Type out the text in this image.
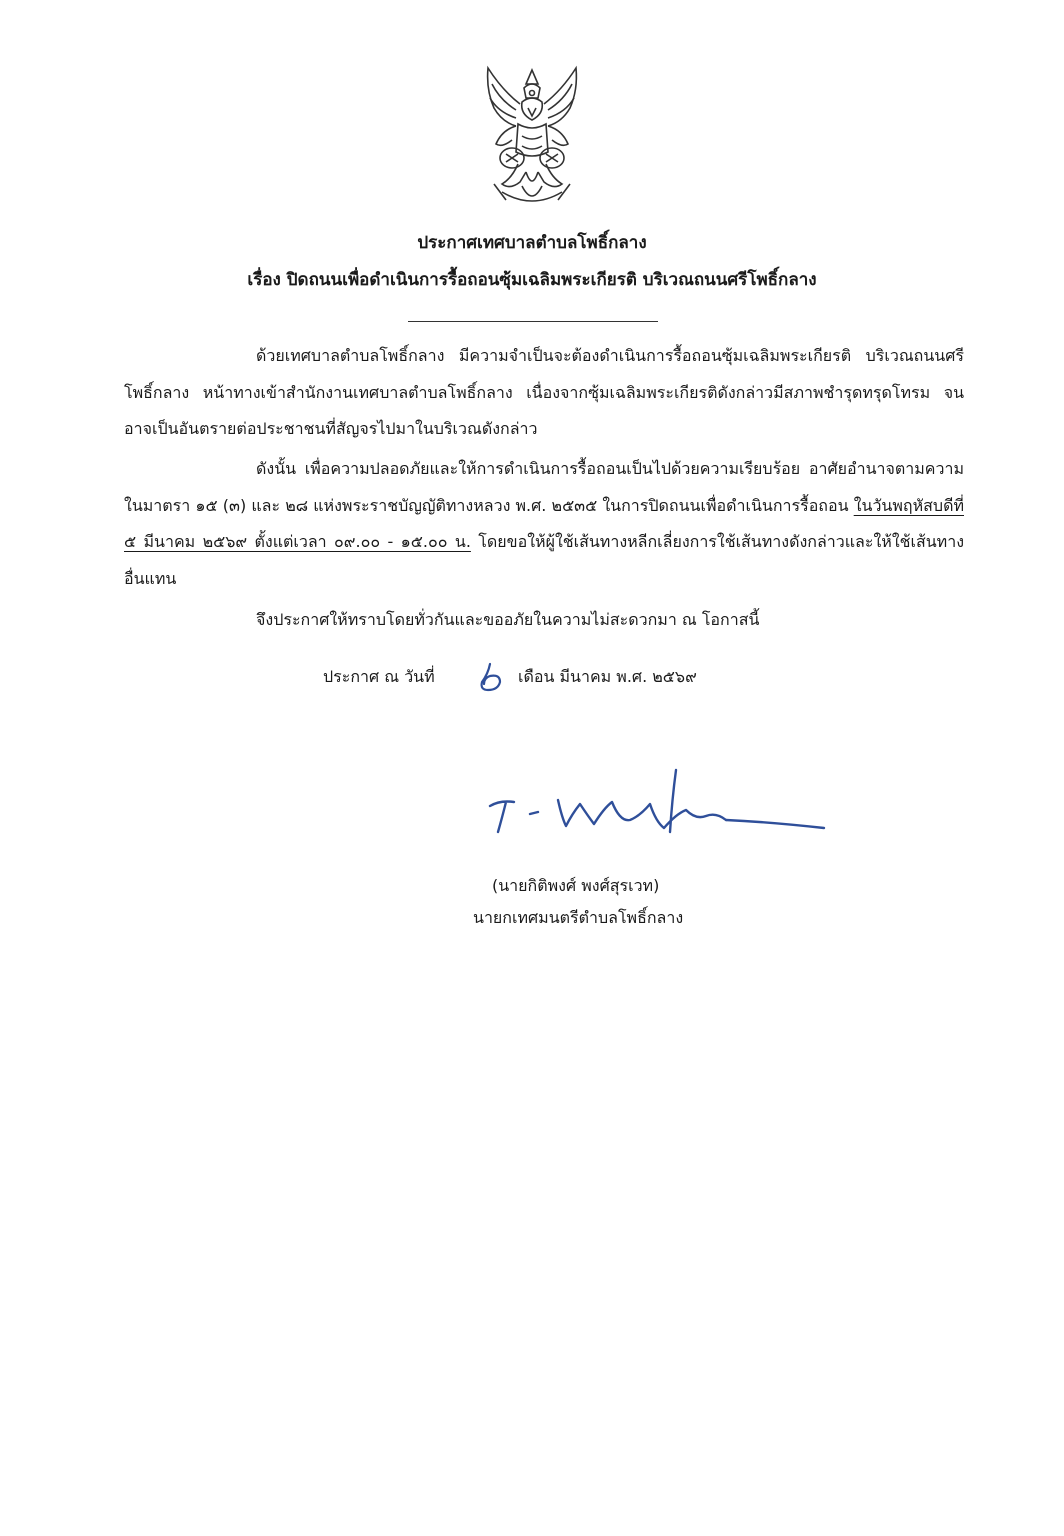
ประกาศเทศบาลตำบลโพธิ์กลาง
เรื่อง ปิดถนนเพื่อดำเนินการรื้อถอนซุ้มเฉลิมพระเกียรติ บริเวณถนนศรีโพธิ์กลาง
ด้วยเทศบาลตำบลโพธิ์กลาง มีความจำเป็นจะต้องดำเนินการรื้อถอนซุ้มเฉลิมพระเกียรติ บริเวณถนนศรีโพธิ์กลาง หน้าทางเข้าสำนักงานเทศบาลตำบลโพธิ์กลาง เนื่องจากซุ้มเฉลิมพระเกียรติดังกล่าวมีสภาพชำรุดทรุดโทรม จนอาจเป็นอันตรายต่อประชาชนที่สัญจรไปมาในบริเวณดังกล่าว
ดังนั้น เพื่อความปลอดภัยและให้การดำเนินการรื้อถอนเป็นไปด้วยความเรียบร้อย อาศัยอำนาจตามความในมาตรา ๑๕ (๓) และ ๒๘ แห่งพระราชบัญญัติทางหลวง พ.ศ. ๒๕๓๕ ในการปิดถนนเพื่อดำเนินการรื้อถอน ในวันพฤหัสบดีที่ ๕ มีนาคม ๒๕๖๙ ตั้งแต่เวลา ๐๙.๐๐ - ๑๕.๐๐ น. โดยขอให้ผู้ใช้เส้นทางหลีกเลี่ยงการใช้เส้นทางดังกล่าวและให้ใช้เส้นทางอื่นแทน
จึงประกาศให้ทราบโดยทั่วกันและขออภัยในความไม่สะดวกมา ณ โอกาสนี้
ประกาศ ณ วันที่	เดือน มีนาคม พ.ศ. ๒๕๖๙
(นายกิติพงศ์ พงศ์สุรเวท)
นายกเทศมนตรีตำบลโพธิ์กลาง
